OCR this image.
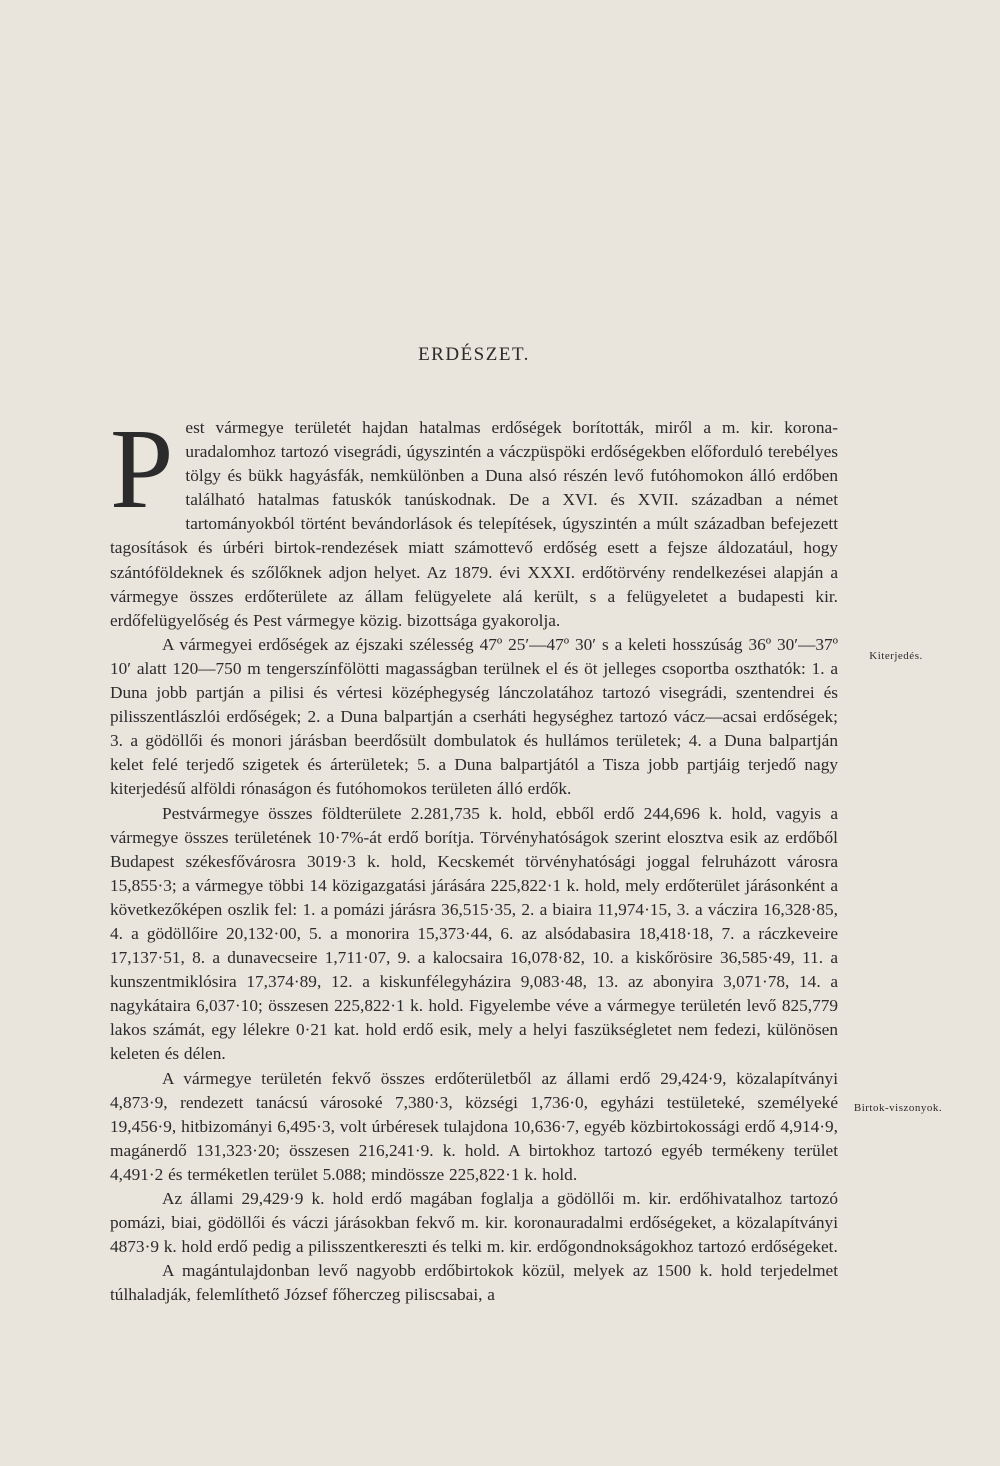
ERDÉSZET.

Pest vármegye területét hajdan hatalmas erdőségek borították, miről a m. kir. korona-uradalomhoz tartozó visegrádi, úgyszintén a váczpüspöki erdőségekben előforduló terebélyes tölgy és bükk hagyásfák, nemkülönben a Duna alsó részén levő futóhomokon álló erdőben található hatalmas fatuskók tanúskodnak. De a XVI. és XVII. században a német tartományokból történt bevándorlások és telepítések, úgyszintén a múlt században befejezett tagosítások és úrbéri birtok-rendezések miatt számottevő erdőség esett a fejsze áldozatául, hogy szántóföldeknek és szőlőknek adjon helyet. Az 1879. évi XXXI. erdőtörvény rendelkezései alapján a vármegye összes erdőterülete az állam felügyelete alá került, s a felügyeletet a budapesti kir. erdőfelügyelőség és Pest vármegye közig. bizottsága gyakorolja.

A vármegyei erdőségek az éjszaki szélesség 47º 25′—47º 30′ s a keleti hosszúság 36º 30′—37º 10′ alatt 120—750 m tengerszínfölötti magasságban terülnek el és öt jelleges csoportba oszthatók: 1. a Duna jobb partján a pilisi és vértesi középhegység lánczolatához tartozó visegrádi, szentendrei és pilisszentlászlói erdőségek; 2. a Duna balpartján a cserháti hegységhez tartozó vácz—acsai erdőségek; 3. a gödöllői és monori járásban beerdősült dombulatok és hullámos területek; 4. a Duna balpartján kelet felé terjedő szigetek és árterületek; 5. a Duna balpartjától a Tisza jobb partjáig terjedő nagy kiterjedésű alföldi rónaságon és futóhomokos területen álló erdők.

Pestvármegye összes földterülete 2.281,735 k. hold, ebből erdő 244,696 k. hold, vagyis a vármegye összes területének 10·7%-át erdő borítja. Törvényhatóságok szerint elosztva esik az erdőből Budapest székesfővárosra 3019·3 k. hold, Kecskemét törvényhatósági joggal felruházott városra 15,855·3; a vármegye többi 14 közigazgatási járására 225,822·1 k. hold, mely erdőterület járásonként a következőképen oszlik fel: 1. a pomázi járásra 36,515·35, 2. a biaira 11,974·15, 3. a váczira 16,328·85, 4. a gödöllőire 20,132·00, 5. a monorira 15,373·44, 6. az alsódabasira 18,418·18, 7. a ráczkeveire 17,137·51, 8. a dunavecseire 1,711·07, 9. a kalocsaira 16,078·82, 10. a kiskőrösire 36,585·49, 11. a kunszentmiklósira 17,374·89, 12. a kiskunfélegyházira 9,083·48, 13. az abonyira 3,071·78, 14. a nagykátaira 6,037·10; összesen 225,822·1 k. hold. Figyelembe véve a vármegye területén levő 825,779 lakos számát, egy lélekre 0·21 kat. hold erdő esik, mely a helyi faszükségletet nem fedezi, különösen keleten és délen.

A vármegye területén fekvő összes erdőterületből az állami erdő 29,424·9, közalapítványi 4,873·9, rendezett tanácsú városoké 7,380·3, községi 1,736·0, egyházi testületeké, személyeké 19,456·9, hitbizományi 6,495·3, volt úrbéresek tulajdona 10,636·7, egyéb közbirtokossági erdő 4,914·9, magánerdő 131,323·20; összesen 216,241·9. k. hold. A birtokhoz tartozó egyéb termékeny terület 4,491·2 és terméketlen terület 5.088; mindössze 225,822·1 k. hold.

Az állami 29,429·9 k. hold erdő magában foglalja a gödöllői m. kir. erdőhivatalhoz tartozó pomázi, biai, gödöllői és váczi járásokban fekvő m. kir. koronauradalmi erdőségeket, a közalapítványi 4873·9 k. hold erdő pedig a pilisszentkereszti és telki m. kir. erdőgondnokságokhoz tartozó erdőségeket.

A magántulajdonban levő nagyobb erdőbirtokok közül, melyek az 1500 k. hold terjedelmet túlhaladják, felemlíthető József főherczeg piliscsabai, a

Kiterjedés.
Birtok-viszonyok.
